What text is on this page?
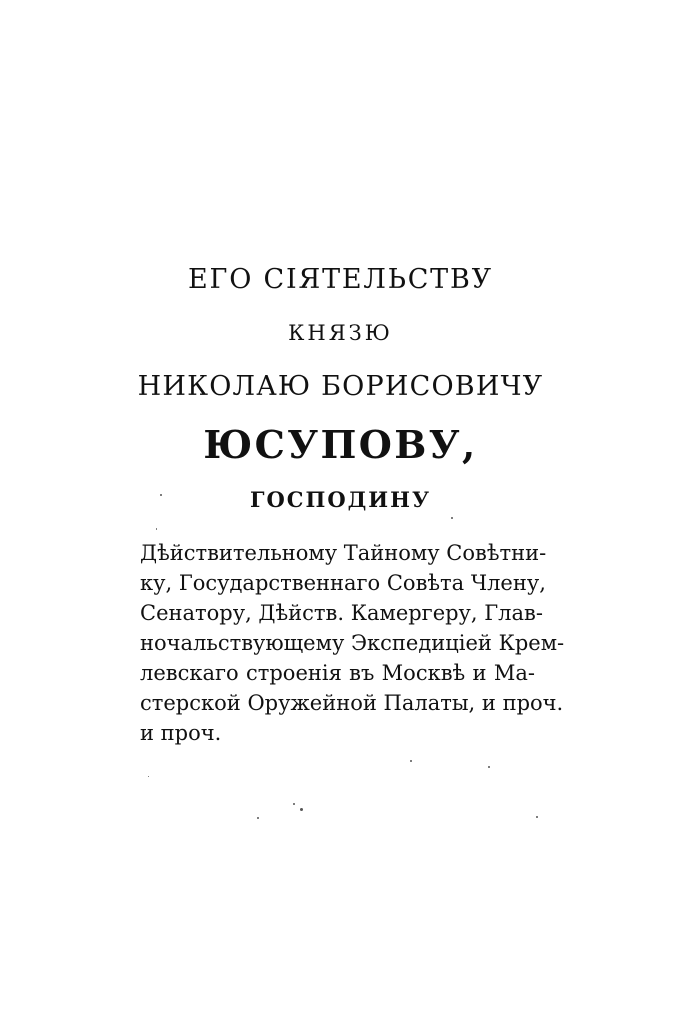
ЕГО СІЯТЕЛЬСТВУ
КНЯЗЮ
НИКОЛАЮ БОРИСОВИЧУ
ЮСУПОВУ,
ГОСПОДИНУ
Дѣйствительному Тайному Совѣтни-
ку, Государственнаго Совѣта Члену,
Сенатору, Дѣйств. Камергеру, Глав-
ночальствующему Экспедиціей Крем-
левскаго строенія въ Москвѣ и Ма-
стерской Оружейной Палаты, и проч.
и проч.
